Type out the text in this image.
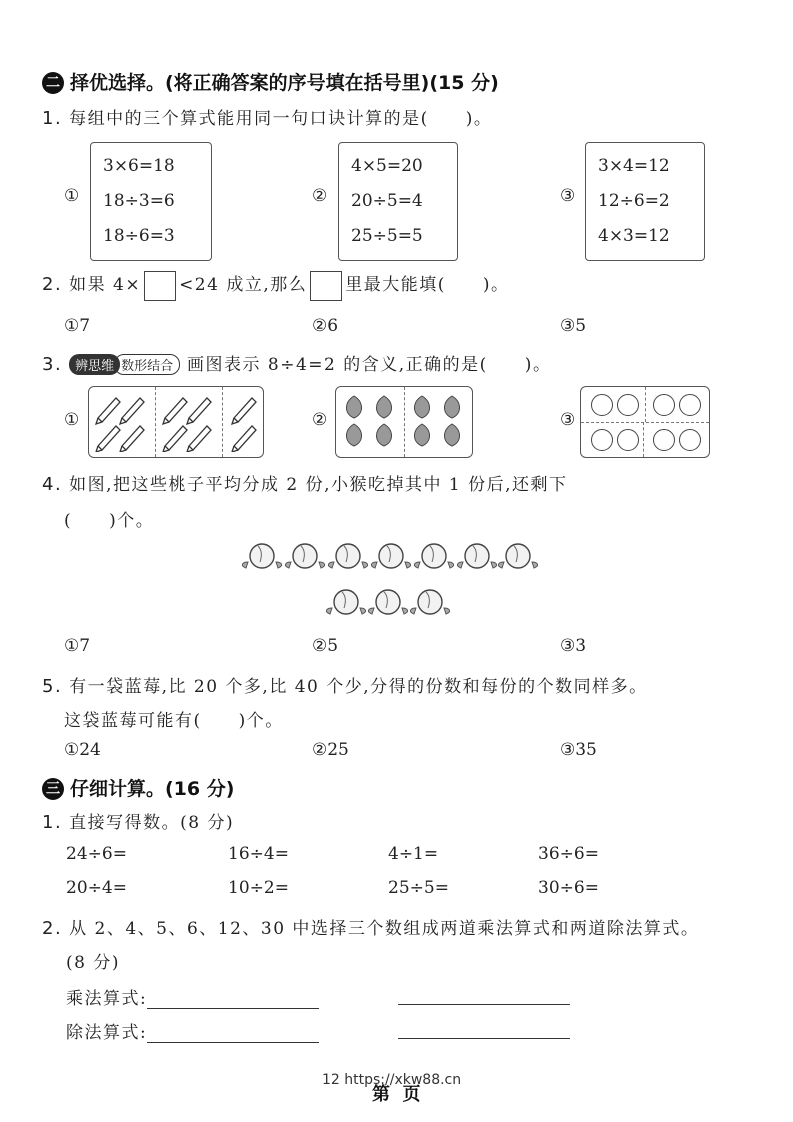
二 择优选择。(将正确答案的序号填在括号里)(15 分)
1. 每组中的三个算式能用同一句口诀计算的是(　　)。
①
3×6=18
18÷3=6
18÷6=3
②
4×5=20
20÷5=4
25÷5=5
③
3×4=12
12÷6=2
4×3=12
2. 如果 4× <24 成立,那么 里最大能填(　　)。
①7	②6	③5
3. 辨思维 数形结合 画图表示 8÷4=2 的含义,正确的是(　　)。
①	②	③
4. 如图,把这些桃子平均分成 2 份,小猴吃掉其中 1 份后,还剩下
(　　)个。
①7	②5	③3
5. 有一袋蓝莓,比 20 个多,比 40 个少,分得的份数和每份的个数同样多。
这袋蓝莓可能有(　　)个。
①24	②25	③35
三 仔细计算。(16 分)
1. 直接写得数。(8 分)
24÷6=	16÷4=	4÷1=	36÷6=
20÷4=	10÷2=	25÷5=	30÷6=
2. 从 2、4、5、6、12、30 中选择三个数组成两道乘法算式和两道除法算式。
(8 分)
乘法算式:
除法算式:
12 https://xkw88.cn
第  页
